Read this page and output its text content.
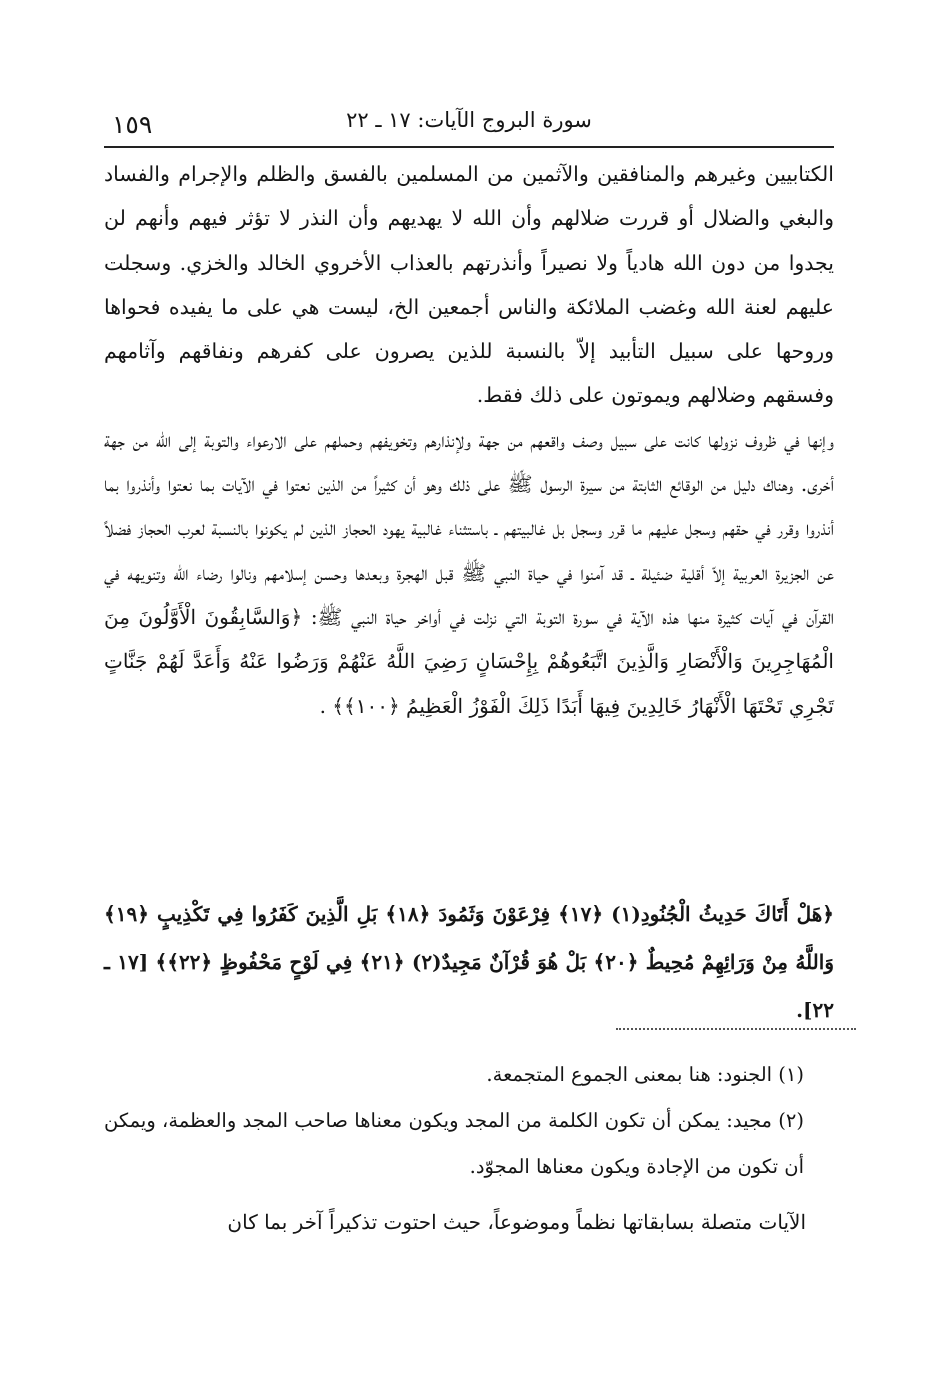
١٥٩	سورة البروج الآيات: ١٧ ـ ٢٢

الكتابيين وغيرهم والمنافقين والآثمين من المسلمين بالفسق والظلم والإجرام والفساد والبغي والضلال أو قررت ضلالهم وأن الله لا يهديهم وأن النذر لا تؤثر فيهم وأنهم لن يجدوا من دون الله هادياً ولا نصيراً وأنذرتهم بالعذاب الأخروي الخالد والخزي. وسجلت عليهم لعنة الله وغضب الملائكة والناس أجمعين الخ، ليست هي على ما يفيده فحواها وروحها على سبيل التأبيد إلاّ بالنسبة للذين يصرون على كفرهم ونفاقهم وآثامهم وفسقهم وضلالهم ويموتون على ذلك فقط.

وإنها في ظروف نزولها كانت على سبيل وصف واقعهم من جهة ولإنذارهم وتخويفهم وحملهم على الارعواء والتوبة إلى الله من جهة أخرى. وهناك دليل من الوقائع الثابتة من سيرة الرسول ﷺ على ذلك وهو أن كثيراً من الذين نعتوا في الآيات بما نعتوا وأنذروا بما أنذروا وقرر في حقهم وسجل عليهم ما قرر وسجل بل غالبيتهم ـ باستثناء غالبية يهود الحجاز الذين لم يكونوا بالنسبة لعرب الحجاز فضلاً عن الجزيرة العربية إلاّ أقلية ضئيلة ـ قد آمنوا في حياة النبي ﷺ قبل الهجرة وبعدها وحسن إسلامهم ونالوا رضاء الله وتنويهه في القرآن في آيات كثيرة منها هذه الآية في سورة التوبة التي نزلت في أواخر حياة النبي ﷺ: ﴿وَالسَّابِقُونَ الْأَوَّلُونَ مِنَ الْمُهَاجِرِينَ وَالْأَنْصَارِ وَالَّذِينَ اتَّبَعُوهُمْ بِإِحْسَانٍ رَضِيَ اللَّهُ عَنْهُمْ وَرَضُوا عَنْهُ وَأَعَدَّ لَهُمْ جَنَّاتٍ تَجْرِي تَحْتَهَا الْأَنْهَارُ خَالِدِينَ فِيهَا أَبَدًا ذَلِكَ الْفَوْزُ الْعَظِيمُ ﴿١٠٠﴾﴾ .

﴿هَلْ أَتَاكَ حَدِيثُ الْجُنُودِ(١) ﴿١٧﴾ فِرْعَوْنَ وَثَمُودَ ﴿١٨﴾ بَلِ الَّذِينَ كَفَرُوا فِي تَكْذِيبٍ ﴿١٩﴾ وَاللَّهُ مِنْ وَرَائِهِمْ مُحِيطٌ ﴿٢٠﴾ بَلْ هُوَ قُرْآنٌ مَجِيدٌ(٢) ﴿٢١﴾ فِي لَوْحٍ مَحْفُوظٍ ﴿٢٢﴾﴾ [١٧ ـ ٢٢].

(١) الجنود: هنا بمعنى الجموع المتجمعة.

(٢) مجيد: يمكن أن تكون الكلمة من المجد ويكون معناها صاحب المجد والعظمة، ويمكن أن تكون من الإجادة ويكون معناها المجوّد.

الآيات متصلة بسابقاتها نظماً وموضوعاً، حيث احتوت تذكيراً آخر بما كان
